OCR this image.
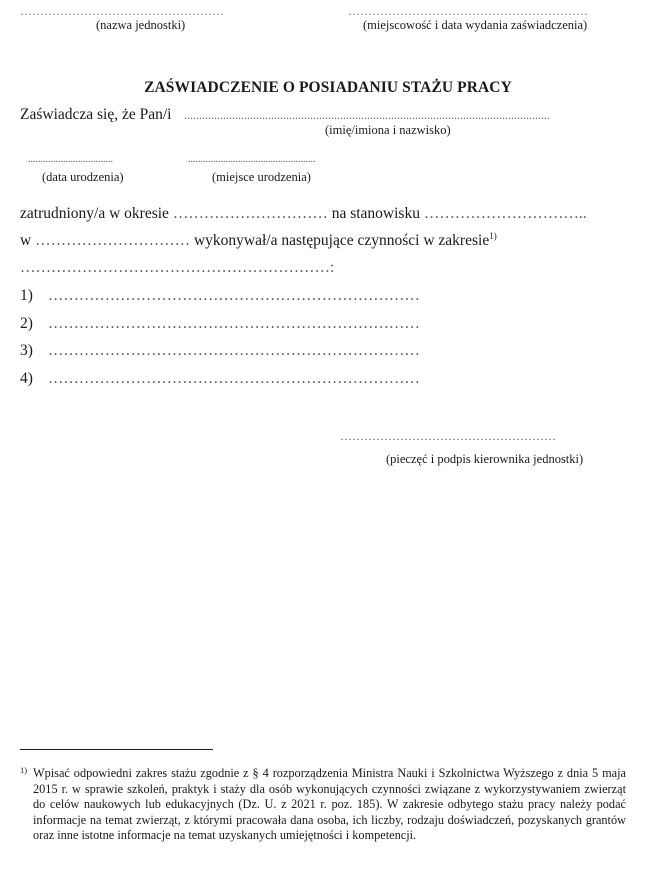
……………………………………………
(nazwa jednostki)
……………………………………………………
(miejscowość i data wydania zaświadczenia)
ZAŚWIADCZENIE O POSIADANIU STAŻU PRACY
Zaświadcza się, że Pan/i ..........................................................................................................................
(imię/imiona i nazwisko)
..................................
(data urodzenia)
...................................................
(miejsce urodzenia)
zatrudniony/a w okresie ………………………… na stanowisku …………………………..
w ………………………… wykonywał/a następujące czynności w zakresie$^{1)}$
……………………………………………………:
1) ………………………………………………………………
2) ………………………………………………………………
3) ………………………………………………………………
4) ………………………………………………………………
………………………………………………
(pieczęć i podpis kierownika jednostki)
1) Wpisać odpowiedni zakres stażu zgodnie z § 4 rozporządzenia Ministra Nauki i Szkolnictwa Wyższego z dnia 5 maja 2015 r. w sprawie szkoleń, praktyk i staży dla osób wykonujących czynności związane z wykorzystywaniem zwierząt do celów naukowych lub edukacyjnych (Dz. U. z 2021 r. poz. 185). W zakresie odbytego stażu pracy należy podać informacje na temat zwierząt, z którymi pracowała dana osoba, ich liczby, rodzaju doświadczeń, pozyskanych grantów oraz inne istotne informacje na temat uzyskanych umiejętności i kompetencji.
